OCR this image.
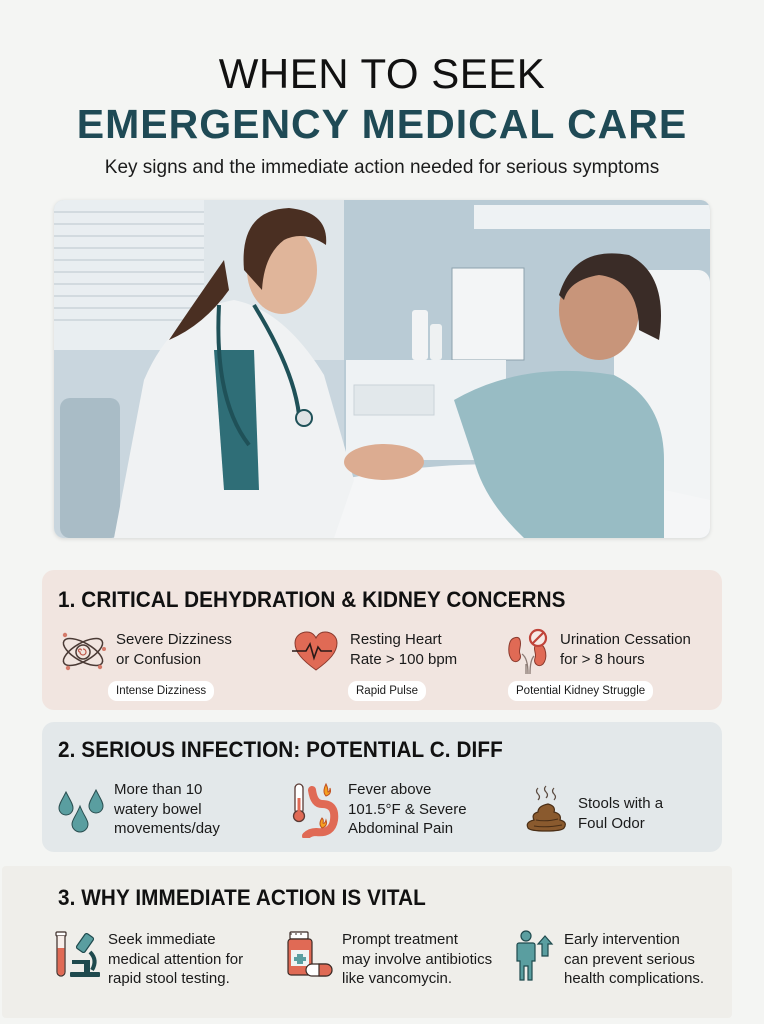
WHEN TO SEEK
EMERGENCY MEDICAL CARE
Key signs and the immediate action needed for serious symptoms
1. CRITICAL DEHYDRATION & KIDNEY CONCERNS
Severe Dizziness
or Confusion
Intense Dizziness
Resting Heart
Rate > 100 bpm
Rapid Pulse
Urination Cessation
for > 8 hours
Potential Kidney Struggle
2. SERIOUS INFECTION: POTENTIAL C. DIFF
More than 10
watery bowel
movements/day
Fever above
101.5°F & Severe
Abdominal Pain
Stools with a
Foul Odor
3. WHY IMMEDIATE ACTION IS VITAL
Seek immediate
medical attention for
rapid stool testing.
Prompt treatment
may involve antibiotics
like vancomycin.
Early intervention
can prevent serious
health complications.
